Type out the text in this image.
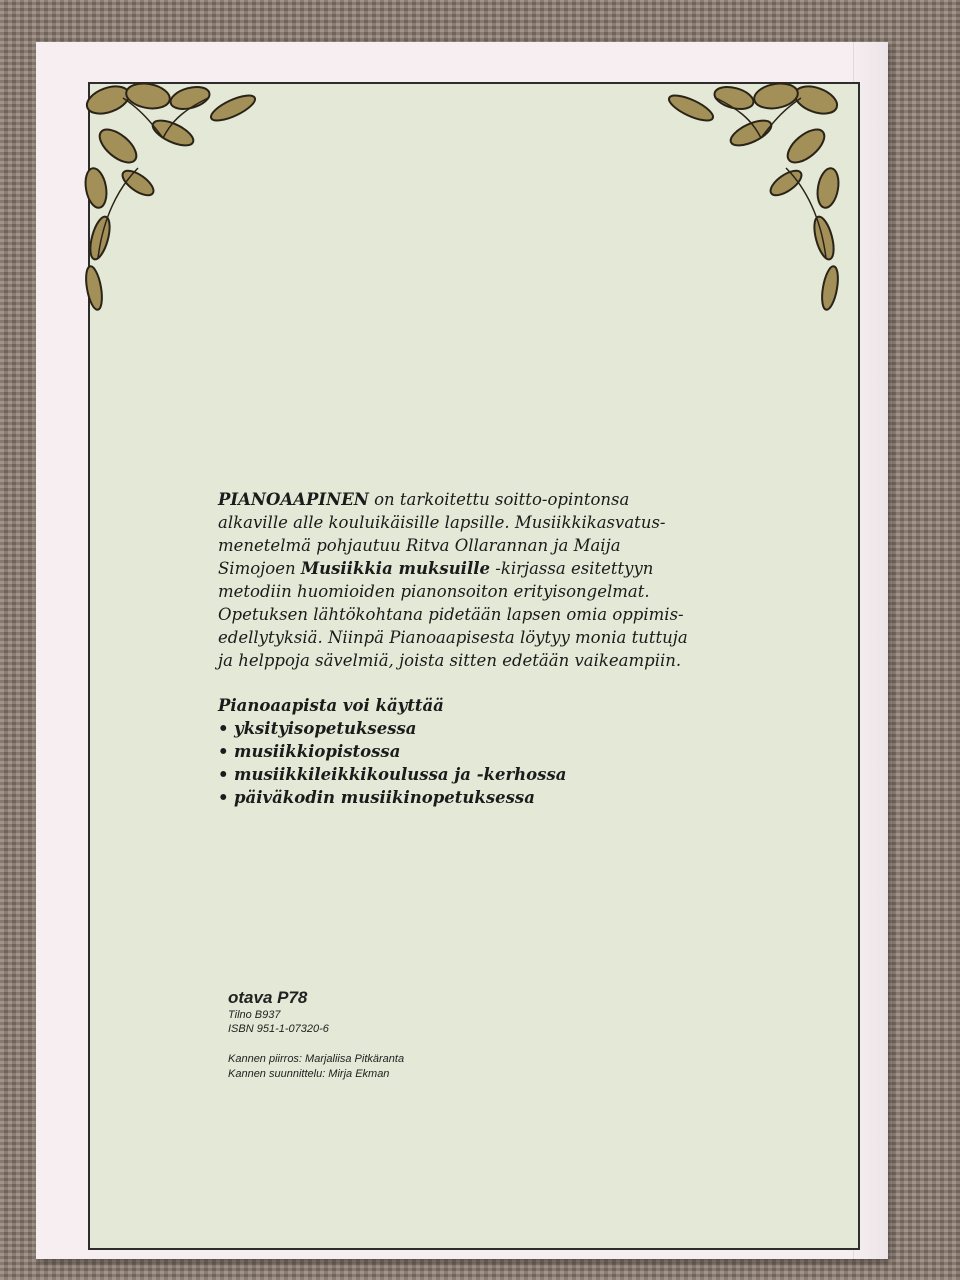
PIANOAAPINEN on tarkoitettu soitto-opintonsa
alkaville alle kouluikäisille lapsille. Musiikkikasvatus-
menetelmä pohjautuu Ritva Ollarannan ja Maija
Simojoen Musiikkia muksuille -kirjassa esitettyyn
metodiin huomioiden pianonsoiton erityisongelmat.
Opetuksen lähtökohtana pidetään lapsen omia oppimis-
edellytyksiä. Niinpä Pianoaapisesta löytyy monia tuttuja
ja helppoja sävelmiä, joista sitten edetään vaikeampiin.

Pianoaapista voi käyttää
• yksityisopetuksessa
• musiikkiopistossa
• musiikkileikkikoulussa ja -kerhossa
• päiväkodin musiikinopetuksessa
otava P78
Tilno B937
ISBN 951-1-07320-6
Kannen piirros: Marjaliisa Pitkäranta
Kannen suunnittelu: Mirja Ekman
